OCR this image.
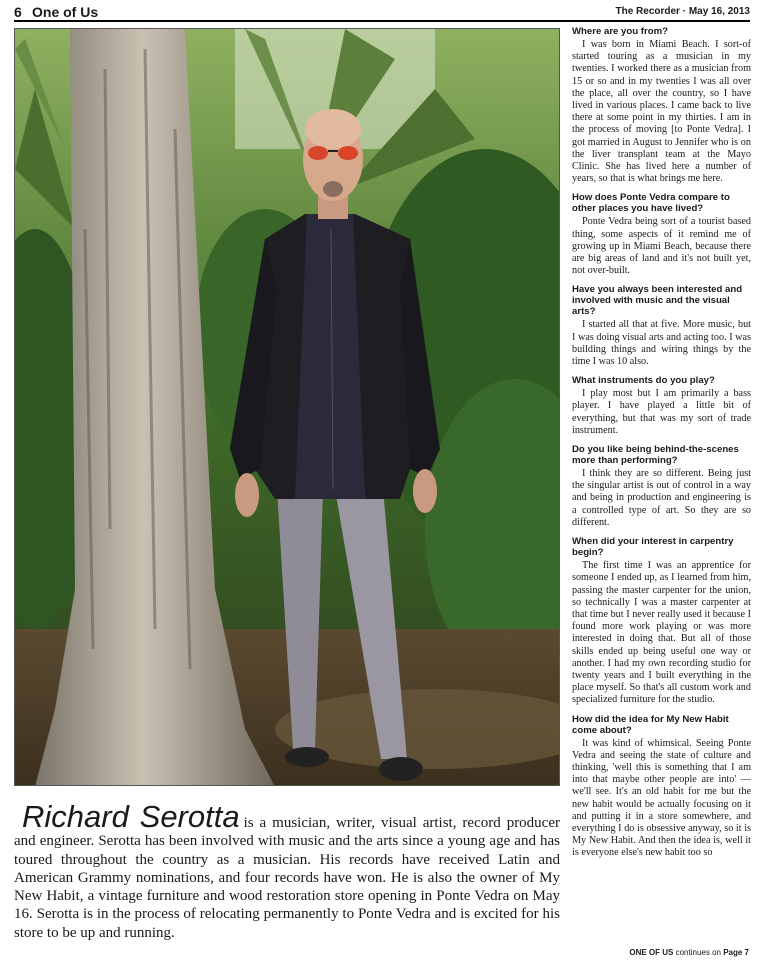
6 One of Us	The Recorder · May 16, 2013
Richard Serotta is a musician, writer, visual artist, record producer and engineer. Serotta has been involved with music and the arts since a young age and has toured throughout the country as a musician. His records have received Latin and American Grammy nominations, and four records have won. He is also the owner of My New Habit, a vintage furniture and wood restoration store opening in Ponte Vedra on May 16. Serotta is in the process of relocating permanently to Ponte Vedra and is excited for his store to be up and running.
Where are you from?
I was born in Miami Beach. I sort-of started touring as a musician in my twenties. I worked there as a musician from 15 or so and in my twenties I was all over the place, all over the country, so I have lived in various places. I came back to live there at some point in my thirties. I am in the process of moving [to Ponte Vedra]. I got married in August to Jennifer who is on the liver transplant team at the Mayo Clinic. She has lived here a number of years, so that is what brings me here.
How does Ponte Vedra compare to other places you have lived?
Ponte Vedra being sort of a tourist based thing, some aspects of it remind me of growing up in Miami Beach, because there are big areas of land and it's not built yet, not over-built.
Have you always been interested and involved with music and the visual arts?
I started all that at five. More music, but I was doing visual arts and acting too. I was building things and wiring things by the time I was 10 also.
What instruments do you play?
I play most but I am primarily a bass player. I have played a little bit of everything, but that was my sort of trade instrument.
Do you like being behind-the-scenes more than performing?
I think they are so different. Being just the singular artist is out of control in a way and being in production and engineering is a controlled type of art. So they are so different.
When did your interest in carpentry begin?
The first time I was an apprentice for someone I ended up, as I learned from him, passing the master carpenter for the union, so technically I was a master carpenter at that time but I never really used it because I found more work playing or was more interested in doing that. But all of those skills ended up being useful one way or another. I had my own recording studio for twenty years and I built everything in the place myself. So that's all custom work and specialized furniture for the studio.
How did the idea for My New Habit come about?
It was kind of whimsical. Seeing Ponte Vedra and seeing the state of culture and thinking, 'well this is something that I am into that maybe other people are into' — we'll see. It's an old habit for me but the new habit would be actually focusing on it and putting it in a store somewhere, and everything I do is obsessive anyway, so it is My New Habit. And then the idea is, well it is everyone else's new habit too so
ONE OF US continues on Page 7
